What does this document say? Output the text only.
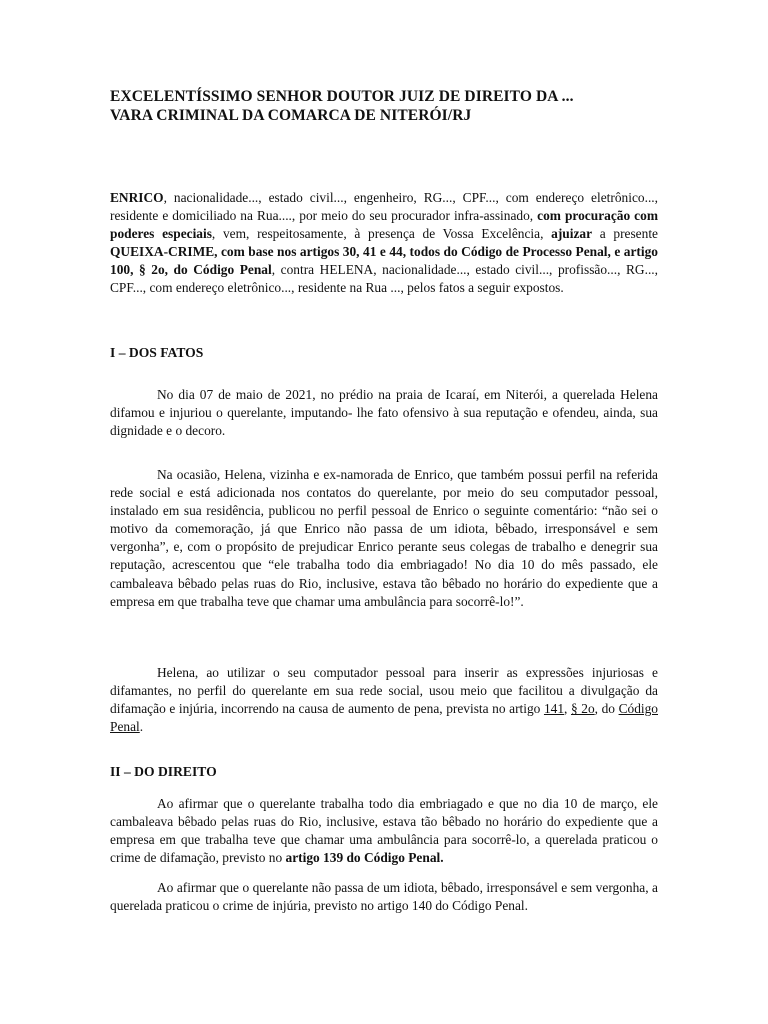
EXCELENTÍSSIMO SENHOR DOUTOR JUIZ DE DIREITO DA ...
VARA CRIMINAL DA COMARCA DE NITERÓI/RJ

ENRICO, nacionalidade..., estado civil..., engenheiro, RG..., CPF..., com endereço eletrônico..., residente e domiciliado na Rua...., por meio do seu procurador infra-assinado, com procuração com poderes especiais, vem, respeitosamente, à presença de Vossa Excelência, ajuizar a presente QUEIXA-CRIME, com base nos artigos 30, 41 e 44, todos do Código de Processo Penal, e artigo 100, § 2o, do Código Penal, contra HELENA, nacionalidade..., estado civil..., profissão..., RG..., CPF..., com endereço eletrônico..., residente na Rua ..., pelos fatos a seguir expostos.

I – DOS FATOS

No dia 07 de maio de 2021, no prédio na praia de Icaraí, em Niterói, a querelada Helena difamou e injuriou o querelante, imputando- lhe fato ofensivo à sua reputação e ofendeu, ainda, sua dignidade e o decoro.

Na ocasião, Helena, vizinha e ex-namorada de Enrico, que também possui perfil na referida rede social e está adicionada nos contatos do querelante, por meio do seu computador pessoal, instalado em sua residência, publicou no perfil pessoal de Enrico o seguinte comentário: “não sei o motivo da comemoração, já que Enrico não passa de um idiota, bêbado, irresponsável e sem vergonha”, e, com o propósito de prejudicar Enrico perante seus colegas de trabalho e denegrir sua reputação, acrescentou que “ele trabalha todo dia embriagado! No dia 10 do mês passado, ele cambaleava bêbado pelas ruas do Rio, inclusive, estava tão bêbado no horário do expediente que a empresa em que trabalha teve que chamar uma ambulância para socorrê-lo!”.

Helena, ao utilizar o seu computador pessoal para inserir as expressões injuriosas e difamantes, no perfil do querelante em sua rede social, usou meio que facilitou a divulgação da difamação e injúria, incorrendo na causa de aumento de pena, prevista no artigo 141, § 2o, do Código Penal.

II – DO DIREITO

Ao afirmar que o querelante trabalha todo dia embriagado e que no dia 10 de março, ele cambaleava bêbado pelas ruas do Rio, inclusive, estava tão bêbado no horário do expediente que a empresa em que trabalha teve que chamar uma ambulância para socorrê-lo, a querelada praticou o crime de difamação, previsto no artigo 139 do Código Penal.

Ao afirmar que o querelante não passa de um idiota, bêbado, irresponsável e sem vergonha, a querelada praticou o crime de injúria, previsto no artigo 140 do Código Penal.
